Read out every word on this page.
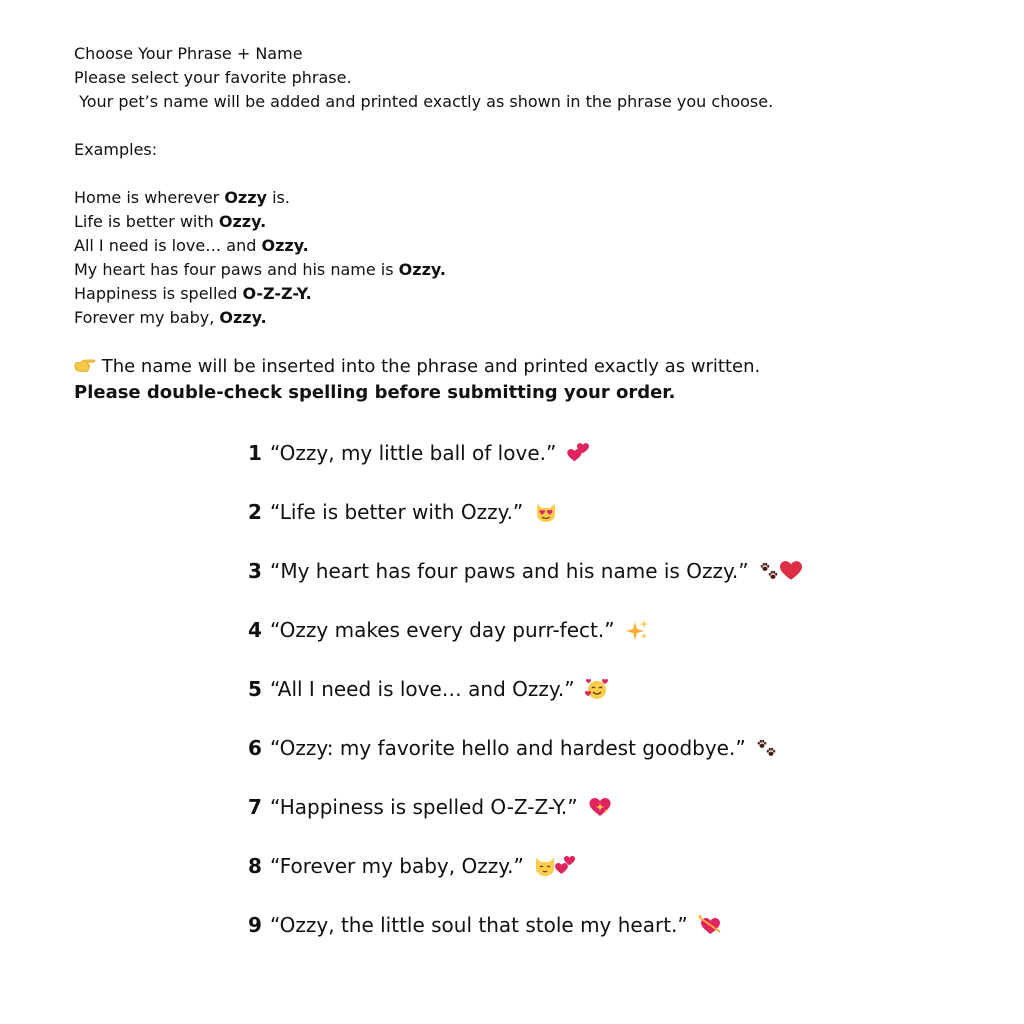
Choose Your Phrase + Name
Please select your favorite phrase.
Your pet’s name will be added and printed exactly as shown in the phrase you choose.
Examples:
Home is wherever Ozzy is.
Life is better with Ozzy.
All I need is love… and Ozzy.
My heart has four paws and his name is Ozzy.
Happiness is spelled O-Z-Z-Y.
Forever my baby, Ozzy.
The name will be inserted into the phrase and printed exactly as written.
Please double-check spelling before submitting your order.
1 “Ozzy, my little ball of love.”
2 “Life is better with Ozzy.”
3 “My heart has four paws and his name is Ozzy.”
4 “Ozzy makes every day purr-fect.”
5 “All I need is love… and Ozzy.”
6 “Ozzy: my favorite hello and hardest goodbye.”
7 “Happiness is spelled O-Z-Z-Y.”
8 “Forever my baby, Ozzy.”
9 “Ozzy, the little soul that stole my heart.”
